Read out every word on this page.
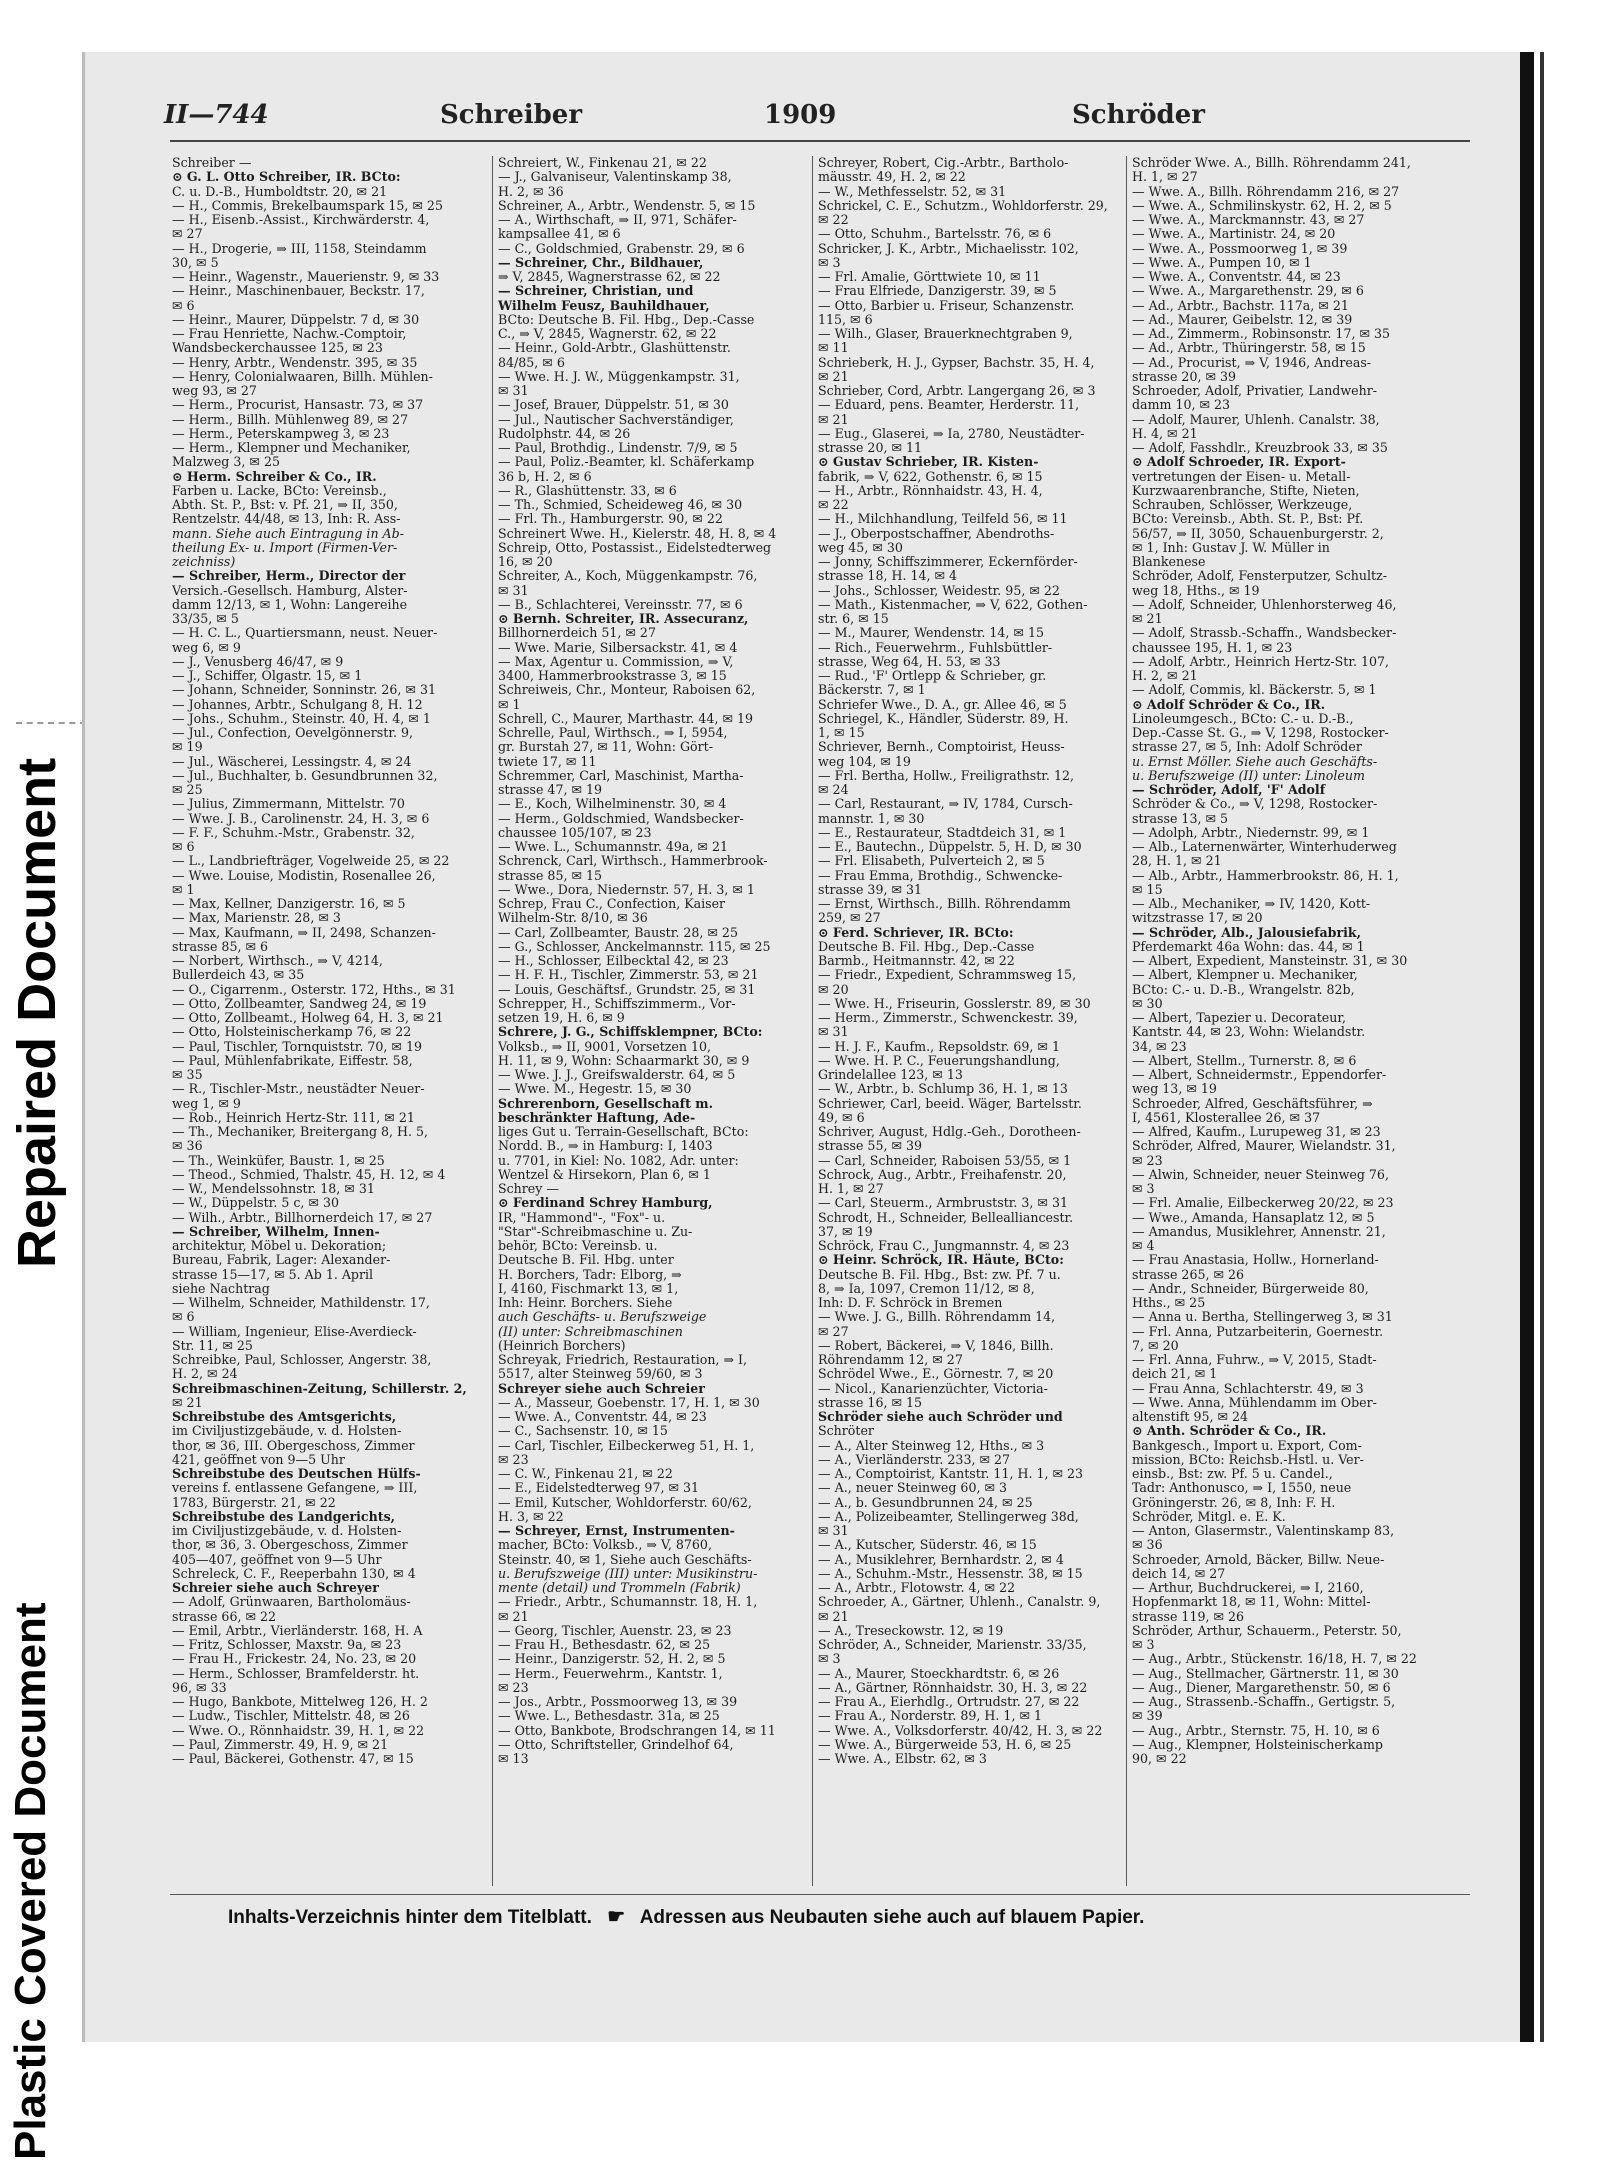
Repaired Document
Plastic Covered Document
II—744	Schreiber	1909	Schröder

Schreiber —

⊙ G. L. Otto Schreiber, IR. BCto:

C. u. D.-B., Humboldtstr. 20, ✉ 21

— H., Commis, Brekelbaumspark 15, ✉ 25

— H., Eisenb.-Assist., Kirchwärderstr. 4,

✉ 27

— H., Drogerie, ⇒ III, 1158, Steindamm

30, ✉ 5

— Heinr., Wagenstr., Mauerienstr. 9, ✉ 33

— Heinr., Maschinenbauer, Beckstr. 17,

✉ 6

— Heinr., Maurer, Düppelstr. 7 d, ✉ 30

— Frau Henriette, Nachw.-Comptoir,

Wandsbeckerchaussee 125, ✉ 23

— Henry, Arbtr., Wendenstr. 395, ✉ 35

— Henry, Colonialwaaren, Billh. Mühlen-

weg 93, ✉ 27

— Herm., Procurist, Hansastr. 73, ✉ 37

— Herm., Billh. Mühlenweg 89, ✉ 27

— Herm., Peterskampweg 3, ✉ 23

— Herm., Klempner und Mechaniker,

Malzweg 3, ✉ 25

⊙ Herm. Schreiber & Co., IR.

Farben u. Lacke, BCto: Vereinsb.,

Abth. St. P., Bst: v. Pf. 21, ⇒ II, 350,

Rentzelstr. 44/48, ✉ 13, Inh: R. Ass-

mann. Siehe auch Eintragung in Ab-

theilung Ex- u. Import (Firmen-Ver-

zeichniss)

— Schreiber, Herm., Director der

Versich.-Gesellsch. Hamburg, Alster-

damm 12/13, ✉ 1, Wohn: Langereihe

33/35, ✉ 5

— H. C. L., Quartiersmann, neust. Neuer-

weg 6, ✉ 9

— J., Venusberg 46/47, ✉ 9

— J., Schiffer, Olgastr. 15, ✉ 1

— Johann, Schneider, Sonninstr. 26, ✉ 31

— Johannes, Arbtr., Schulgang 8, H. 12

— Johs., Schuhm., Steinstr. 40, H. 4, ✉ 1

— Jul., Confection, Oevelgönnerstr. 9,

✉ 19

— Jul., Wäscherei, Lessingstr. 4, ✉ 24

— Jul., Buchhalter, b. Gesundbrunnen 32,

✉ 25

— Julius, Zimmermann, Mittelstr. 70

— Wwe. J. B., Carolinenstr. 24, H. 3, ✉ 6

— F. F., Schuhm.-Mstr., Grabenstr. 32,

✉ 6

— L., Landbriefträger, Vogelweide 25, ✉ 22

— Wwe. Louise, Modistin, Rosenallee 26,

✉ 1

— Max, Kellner, Danzigerstr. 16, ✉ 5

— Max, Marienstr. 28, ✉ 3

— Max, Kaufmann, ⇒ II, 2498, Schanzen-

strasse 85, ✉ 6

— Norbert, Wirthsch., ⇒ V, 4214,

Bullerdeich 43, ✉ 35

— O., Cigarrenm., Osterstr. 172, Hths., ✉ 31

— Otto, Zollbeamter, Sandweg 24, ✉ 19

— Otto, Zollbeamt., Holweg 64, H. 3, ✉ 21

— Otto, Holsteinischerkamp 76, ✉ 22

— Paul, Tischler, Tornquiststr. 70, ✉ 19

— Paul, Mühlenfabrikate, Eiffestr. 58,

✉ 35

— R., Tischler-Mstr., neustädter Neuer-

weg 1, ✉ 9

— Rob., Heinrich Hertz-Str. 111, ✉ 21

— Th., Mechaniker, Breitergang 8, H. 5,

✉ 36

— Th., Weinküfer, Baustr. 1, ✉ 25

— Theod., Schmied, Thalstr. 45, H. 12, ✉ 4

— W., Mendelssohnstr. 18, ✉ 31

— W., Düppelstr. 5 c, ✉ 30

— Wilh., Arbtr., Billhornerdeich 17, ✉ 27

— Schreiber, Wilhelm, Innen-

architektur, Möbel u. Dekoration;

Bureau, Fabrik, Lager: Alexander-

strasse 15—17, ✉ 5. Ab 1. April

siehe Nachtrag

— Wilhelm, Schneider, Mathildenstr. 17,

✉ 6

— William, Ingenieur, Elise-Averdieck-

Str. 11, ✉ 25

Schreibke, Paul, Schlosser, Angerstr. 38,

H. 2, ✉ 24

Schreibmaschinen-Zeitung, Schillerstr. 2,

✉ 21

Schreibstube des Amtsgerichts,

im Civiljustizgebäude, v. d. Holsten-

thor, ✉ 36, III. Obergeschoss, Zimmer

421, geöffnet von 9—5 Uhr

Schreibstube des Deutschen Hülfs-

vereins f. entlassene Gefangene, ⇒ III,

1783, Bürgerstr. 21, ✉ 22

Schreibstube des Landgerichts,

im Civiljustizgebäude, v. d. Holsten-

thor, ✉ 36, 3. Obergeschoss, Zimmer

405—407, geöffnet von 9—5 Uhr

Schreleck, C. F., Reeperbahn 130, ✉ 4

Schreier siehe auch Schreyer

— Adolf, Grünwaaren, Bartholomäus-

strasse 66, ✉ 22

— Emil, Arbtr., Vierländerstr. 168, H. A

— Fritz, Schlosser, Maxstr. 9a, ✉ 23

— Frau H., Frickestr. 24, No. 23, ✉ 20

— Herm., Schlosser, Bramfelderstr. ht.

96, ✉ 33

— Hugo, Bankbote, Mittelweg 126, H. 2

— Ludw., Tischler, Mittelstr. 48, ✉ 26

— Wwe. O., Rönnhaidstr. 39, H. 1, ✉ 22

— Paul, Zimmerstr. 49, H. 9, ✉ 21

— Paul, Bäckerei, Gothenstr. 47, ✉ 15

Schreiert, W., Finkenau 21, ✉ 22

— J., Galvaniseur, Valentinskamp 38,

H. 2, ✉ 36

Schreiner, A., Arbtr., Wendenstr. 5, ✉ 15

— A., Wirthschaft, ⇒ II, 971, Schäfer-

kampsallee 41, ✉ 6

— C., Goldschmied, Grabenstr. 29, ✉ 6

— Schreiner, Chr., Bildhauer,

⇒ V, 2845, Wagnerstrasse 62, ✉ 22

— Schreiner, Christian, und

Wilhelm Feusz, Bauhildhauer,

BCto: Deutsche B. Fil. Hbg., Dep.-Casse

C., ⇒ V, 2845, Wagnerstr. 62, ✉ 22

— Heinr., Gold-Arbtr., Glashüttenstr.

84/85, ✉ 6

— Wwe. H. J. W., Müggenkampstr. 31,

✉ 31

— Josef, Brauer, Düppelstr. 51, ✉ 30

— Jul., Nautischer Sachverständiger,

Rudolphstr. 44, ✉ 26

— Paul, Brothdig., Lindenstr. 7/9, ✉ 5

— Paul, Poliz.-Beamter, kl. Schäferkamp

36 b, H. 2, ✉ 6

— R., Glashüttenstr. 33, ✉ 6

— Th., Schmied, Scheideweg 46, ✉ 30

— Frl. Th., Hamburgerstr. 90, ✉ 22

Schreinert Wwe. H., Kielerstr. 48, H. 8, ✉ 4

Schreip, Otto, Postassist., Eidelstedterweg

16, ✉ 20

Schreiter, A., Koch, Müggenkampstr. 76,

✉ 31

— B., Schlachterei, Vereinsstr. 77, ✉ 6

⊙ Bernh. Schreiter, IR. Assecuranz,

Billhornerdeich 51, ✉ 27

— Wwe. Marie, Silbersackstr. 41, ✉ 4

— Max, Agentur u. Commission, ⇒ V,

3400, Hammerbrookstrasse 3, ✉ 15

Schreiweis, Chr., Monteur, Raboisen 62,

✉ 1

Schrell, C., Maurer, Marthastr. 44, ✉ 19

Schrelle, Paul, Wirthsch., ⇒ I, 5954,

gr. Burstah 27, ✉ 11, Wohn: Gört-

twiete 17, ✉ 11

Schremmer, Carl, Maschinist, Martha-

strasse 47, ✉ 19

— E., Koch, Wilhelminenstr. 30, ✉ 4

— Herm., Goldschmied, Wandsbecker-

chaussee 105/107, ✉ 23

— Wwe. L., Schumannstr. 49a, ✉ 21

Schrenck, Carl, Wirthsch., Hammerbrook-

strasse 85, ✉ 15

— Wwe., Dora, Niedernstr. 57, H. 3, ✉ 1

Schrep, Frau C., Confection, Kaiser

Wilhelm-Str. 8/10, ✉ 36

— Carl, Zollbeamter, Baustr. 28, ✉ 25

— G., Schlosser, Anckelmannstr. 115, ✉ 25

— H., Schlosser, Eilbecktal 42, ✉ 23

— H. F. H., Tischler, Zimmerstr. 53, ✉ 21

— Louis, Geschäftsf., Grundstr. 25, ✉ 31

Schrepper, H., Schiffszimmerm., Vor-

setzen 19, H. 6, ✉ 9

Schrere, J. G., Schiffsklempner, BCto:

Volksb., ⇒ II, 9001, Vorsetzen 10,

H. 11, ✉ 9, Wohn: Schaarmarkt 30, ✉ 9

— Wwe. J. J., Greifswalderstr. 64, ✉ 5

— Wwe. M., Hegestr. 15, ✉ 30

Schrerenborn, Gesellschaft m.

beschränkter Haftung, Ade-

liges Gut u. Terrain-Gesellschaft, BCto:

Nordd. B., ⇒ in Hamburg: I, 1403

u. 7701, in Kiel: No. 1082, Adr. unter:

Wentzel & Hirsekorn, Plan 6, ✉ 1

Schrey —

⊙ Ferdinand Schrey Hamburg,

IR, "Hammond"-, "Fox"- u.

"Star"-Schreibmaschine u. Zu-

behör, BCto: Vereinsb. u.

Deutsche B. Fil. Hbg. unter

H. Borchers, Tadr: Elborg, ⇒

I, 4160, Fischmarkt 13, ✉ 1,

Inh: Heinr. Borchers. Siehe

auch Geschäfts- u. Berufszweige

(II) unter: Schreibmaschinen

(Heinrich Borchers)

Schreyak, Friedrich, Restauration, ⇒ I,

5517, alter Steinweg 59/60, ✉ 3

Schreyer siehe auch Schreier

— A., Masseur, Goebenstr. 17, H. 1, ✉ 30

— Wwe. A., Conventstr. 44, ✉ 23

— C., Sachsenstr. 10, ✉ 15

— Carl, Tischler, Eilbeckerweg 51, H. 1,

✉ 23

— C. W., Finkenau 21, ✉ 22

— E., Eidelstedterweg 97, ✉ 31

— Emil, Kutscher, Wohldorferstr. 60/62,

H. 3, ✉ 22

— Schreyer, Ernst, Instrumenten-

macher, BCto: Volksb., ⇒ V, 8760,

Steinstr. 40, ✉ 1, Siehe auch Geschäfts-

u. Berufszweige (III) unter: Musikinstru-

mente (detail) und Trommeln (Fabrik)

— Friedr., Arbtr., Schumannstr. 18, H. 1,

✉ 21

— Georg, Tischler, Auenstr. 23, ✉ 23

— Frau H., Bethesdastr. 62, ✉ 25

— Heinr., Danzigerstr. 52, H. 2, ✉ 5

— Herm., Feuerwehrm., Kantstr. 1,

✉ 23

— Jos., Arbtr., Possmoorweg 13, ✉ 39

— Wwe. L., Bethesdastr. 31a, ✉ 25

— Otto, Bankbote, Brodschrangen 14, ✉ 11

— Otto, Schriftsteller, Grindelhof 64,

✉ 13

Schreyer, Robert, Cig.-Arbtr., Bartholo-

mäusstr. 49, H. 2, ✉ 22

— W., Methfesselstr. 52, ✉ 31

Schrickel, C. E., Schutzm., Wohldorferstr. 29,

✉ 22

— Otto, Schuhm., Bartelsstr. 76, ✉ 6

Schricker, J. K., Arbtr., Michaelisstr. 102,

✉ 3

— Frl. Amalie, Görttwiete 10, ✉ 11

— Frau Elfriede, Danzigerstr. 39, ✉ 5

— Otto, Barbier u. Friseur, Schanzenstr.

115, ✉ 6

— Wilh., Glaser, Brauerknechtgraben 9,

✉ 11

Schrieberk, H. J., Gypser, Bachstr. 35, H. 4,

✉ 21

Schrieber, Cord, Arbtr. Langergang 26, ✉ 3

— Eduard, pens. Beamter, Herderstr. 11,

✉ 21

— Eug., Glaserei, ⇒ Ia, 2780, Neustädter-

strasse 20, ✉ 11

⊙ Gustav Schrieber, IR. Kisten-

fabrik, ⇒ V, 622, Gothenstr. 6, ✉ 15

— H., Arbtr., Rönnhaidstr. 43, H. 4,

✉ 22

— H., Milchhandlung, Teilfeld 56, ✉ 11

— J., Oberpostschaffner, Abendroths-

weg 45, ✉ 30

— Jonny, Schiffszimmerer, Eckernförder-

strasse 18, H. 14, ✉ 4

— Johs., Schlosser, Weidestr. 95, ✉ 22

— Math., Kistenmacher, ⇒ V, 622, Gothen-

str. 6, ✉ 15

— M., Maurer, Wendenstr. 14, ✉ 15

— Rich., Feuerwehrm., Fuhlsbüttler-

strasse, Weg 64, H. 53, ✉ 33

— Rud., 'F' Ortlepp & Schrieber, gr.

Bäckerstr. 7, ✉ 1

Schriefer Wwe., D. A., gr. Allee 46, ✉ 5

Schriegel, K., Händler, Süderstr. 89, H.

1, ✉ 15

Schriever, Bernh., Comptoirist, Heuss-

weg 104, ✉ 19

— Frl. Bertha, Hollw., Freiligrathstr. 12,

✉ 24

— Carl, Restaurant, ⇒ IV, 1784, Cursch-

mannstr. 1, ✉ 30

— E., Restaurateur, Stadtdeich 31, ✉ 1

— E., Bautechn., Düppelstr. 5, H. D, ✉ 30

— Frl. Elisabeth, Pulverteich 2, ✉ 5

— Frau Emma, Brothdig., Schwencke-

strasse 39, ✉ 31

— Ernst, Wirthsch., Billh. Röhrendamm

259, ✉ 27

⊙ Ferd. Schriever, IR. BCto:

Deutsche B. Fil. Hbg., Dep.-Casse

Barmb., Heitmannstr. 42, ✉ 22

— Friedr., Expedient, Schrammsweg 15,

✉ 20

— Wwe. H., Friseurin, Gosslerstr. 89, ✉ 30

— Herm., Zimmerstr., Schwenckestr. 39,

✉ 31

— H. J. F., Kaufm., Repsoldstr. 69, ✉ 1

— Wwe. H. P. C., Feuerungshandlung,

Grindelallee 123, ✉ 13

— W., Arbtr., b. Schlump 36, H. 1, ✉ 13

Schriewer, Carl, beeid. Wäger, Bartelsstr.

49, ✉ 6

Schriver, August, Hdlg.-Geh., Dorotheen-

strasse 55, ✉ 39

— Carl, Schneider, Raboisen 53/55, ✉ 1

Schrock, Aug., Arbtr., Freihafenstr. 20,

H. 1, ✉ 27

— Carl, Steuerm., Armbruststr. 3, ✉ 31

Schrodt, H., Schneider, Bellealliancestr.

37, ✉ 19

Schröck, Frau C., Jungmannstr. 4, ✉ 23

⊙ Heinr. Schröck, IR. Häute, BCto:

Deutsche B. Fil. Hbg., Bst: zw. Pf. 7 u.

8, ⇒ Ia, 1097, Cremon 11/12, ✉ 8,

Inh: D. F. Schröck in Bremen

— Wwe. J. G., Billh. Röhrendamm 14,

✉ 27

— Robert, Bäckerei, ⇒ V, 1846, Billh.

Röhrendamm 12, ✉ 27

Schrödel Wwe., E., Görnestr. 7, ✉ 20

— Nicol., Kanarienzüchter, Victoria-

strasse 16, ✉ 15

Schröder siehe auch Schröder und

Schröter

— A., Alter Steinweg 12, Hths., ✉ 3

— A., Vierländerstr. 233, ✉ 27

— A., Comptoirist, Kantstr. 11, H. 1, ✉ 23

— A., neuer Steinweg 60, ✉ 3

— A., b. Gesundbrunnen 24, ✉ 25

— A., Polizeibeamter, Stellingerweg 38d,

✉ 31

— A., Kutscher, Süderstr. 46, ✉ 15

— A., Musiklehrer, Bernhardstr. 2, ✉ 4

— A., Schuhm.-Mstr., Hessenstr. 38, ✉ 15

— A., Arbtr., Flotowstr. 4, ✉ 22

Schroeder, A., Gärtner, Uhlenh., Canalstr. 9,

✉ 21

— A., Treseckowstr. 12, ✉ 19

Schröder, A., Schneider, Marienstr. 33/35,

✉ 3

— A., Maurer, Stoeckhardtstr. 6, ✉ 26

— A., Gärtner, Rönnhaidstr. 30, H. 3, ✉ 22

— Frau A., Eierhdlg., Ortrudstr. 27, ✉ 22

— Frau A., Norderstr. 89, H. 1, ✉ 1

— Wwe. A., Volksdorferstr. 40/42, H. 3, ✉ 22

— Wwe. A., Bürgerweide 53, H. 6, ✉ 25

— Wwe. A., Elbstr. 62, ✉ 3

Schröder Wwe. A., Billh. Röhrendamm 241,

H. 1, ✉ 27

— Wwe. A., Billh. Röhrendamm 216, ✉ 27

— Wwe. A., Schmilinskystr. 62, H. 2, ✉ 5

— Wwe. A., Marckmannstr. 43, ✉ 27

— Wwe. A., Martinistr. 24, ✉ 20

— Wwe. A., Possmoorweg 1, ✉ 39

— Wwe. A., Pumpen 10, ✉ 1

— Wwe. A., Conventstr. 44, ✉ 23

— Wwe. A., Margarethenstr. 29, ✉ 6

— Ad., Arbtr., Bachstr. 117a, ✉ 21

— Ad., Maurer, Geibelstr. 12, ✉ 39

— Ad., Zimmerm., Robinsonstr. 17, ✉ 35

— Ad., Arbtr., Thüringerstr. 58, ✉ 15

— Ad., Procurist, ⇒ V, 1946, Andreas-

strasse 20, ✉ 39

Schroeder, Adolf, Privatier, Landwehr-

damm 10, ✉ 23

— Adolf, Maurer, Uhlenh. Canalstr. 38,

H. 4, ✉ 21

— Adolf, Fasshdlr., Kreuzbrook 33, ✉ 35

⊙ Adolf Schroeder, IR. Export-

vertretungen der Eisen- u. Metall-

Kurzwaarenbranche, Stifte, Nieten,

Schrauben, Schlösser, Werkzeuge,

BCto: Vereinsb., Abth. St. P., Bst: Pf.

56/57, ⇒ II, 3050, Schauenburgerstr. 2,

✉ 1, Inh: Gustav J. W. Müller in

Blankenese

Schröder, Adolf, Fensterputzer, Schultz-

weg 18, Hths., ✉ 19

— Adolf, Schneider, Uhlenhorsterweg 46,

✉ 21

— Adolf, Strassb.-Schaffn., Wandsbecker-

chaussee 195, H. 1, ✉ 23

— Adolf, Arbtr., Heinrich Hertz-Str. 107,

H. 2, ✉ 21

— Adolf, Commis, kl. Bäckerstr. 5, ✉ 1

⊙ Adolf Schröder & Co., IR.

Linoleumgesch., BCto: C.- u. D.-B.,

Dep.-Casse St. G., ⇒ V, 1298, Rostocker-

strasse 27, ✉ 5, Inh: Adolf Schröder

u. Ernst Möller. Siehe auch Geschäfts-

u. Berufszweige (II) unter: Linoleum

— Schröder, Adolf, 'F' Adolf

Schröder & Co., ⇒ V, 1298, Rostocker-

strasse 13, ✉ 5

— Adolph, Arbtr., Niedernstr. 99, ✉ 1

— Alb., Laternenwärter, Winterhuderweg

28, H. 1, ✉ 21

— Alb., Arbtr., Hammerbrookstr. 86, H. 1,

✉ 15

— Alb., Mechaniker, ⇒ IV, 1420, Kott-

witzstrasse 17, ✉ 20

— Schröder, Alb., Jalousiefabrik,

Pferdemarkt 46a Wohn: das. 44, ✉ 1

— Albert, Expedient, Mansteinstr. 31, ✉ 30

— Albert, Klempner u. Mechaniker,

BCto: C.- u. D.-B., Wrangelstr. 82b,

✉ 30

— Albert, Tapezier u. Decorateur,

Kantstr. 44, ✉ 23, Wohn: Wielandstr.

34, ✉ 23

— Albert, Stellm., Turnerstr. 8, ✉ 6

— Albert, Schneidermstr., Eppendorfer-

weg 13, ✉ 19

Schroeder, Alfred, Geschäftsführer, ⇒

I, 4561, Klosterallee 26, ✉ 37

— Alfred, Kaufm., Lurupeweg 31, ✉ 23

Schröder, Alfred, Maurer, Wielandstr. 31,

✉ 23

— Alwin, Schneider, neuer Steinweg 76,

✉ 3

— Frl. Amalie, Eilbeckerweg 20/22, ✉ 23

— Wwe., Amanda, Hansaplatz 12, ✉ 5

— Amandus, Musiklehrer, Annenstr. 21,

✉ 4

— Frau Anastasia, Hollw., Hornerland-

strasse 265, ✉ 26

— Andr., Schneider, Bürgerweide 80,

Hths., ✉ 25

— Anna u. Bertha, Stellingerweg 3, ✉ 31

— Frl. Anna, Putzarbeiterin, Goernestr.

7, ✉ 20

— Frl. Anna, Fuhrw., ⇒ V, 2015, Stadt-

deich 21, ✉ 1

— Frau Anna, Schlachterstr. 49, ✉ 3

— Wwe. Anna, Mühlendamm im Ober-

altenstift 95, ✉ 24

⊙ Anth. Schröder & Co., IR.

Bankgesch., Import u. Export, Com-

mission, BCto: Reichsb.-Hstl. u. Ver-

einsb., Bst: zw. Pf. 5 u. Candel.,

Tadr: Anthonusco, ⇒ I, 1550, neue

Gröningerstr. 26, ✉ 8, Inh: F. H.

Schröder, Mitgl. e. E. K.

— Anton, Glasermstr., Valentinskamp 83,

✉ 36

Schroeder, Arnold, Bäcker, Billw. Neue-

deich 14, ✉ 27

— Arthur, Buchdruckerei, ⇒ I, 2160,

Hopfenmarkt 18, ✉ 11, Wohn: Mittel-

strasse 119, ✉ 26

Schröder, Arthur, Schauerm., Peterstr. 50,

✉ 3

— Aug., Arbtr., Stückenstr. 16/18, H. 7, ✉ 22

— Aug., Stellmacher, Gärtnerstr. 11, ✉ 30

— Aug., Diener, Margarethenstr. 50, ✉ 6

— Aug., Strassenb.-Schaffn., Gertigstr. 5,

✉ 39

— Aug., Arbtr., Sternstr. 75, H. 10, ✉ 6

— Aug., Klempner, Holsteinischerkamp

90, ✉ 22

Inhalts-Verzeichnis hinter dem Titelblatt. ☛ Adressen aus Neubauten siehe auch auf blauem Papier.
